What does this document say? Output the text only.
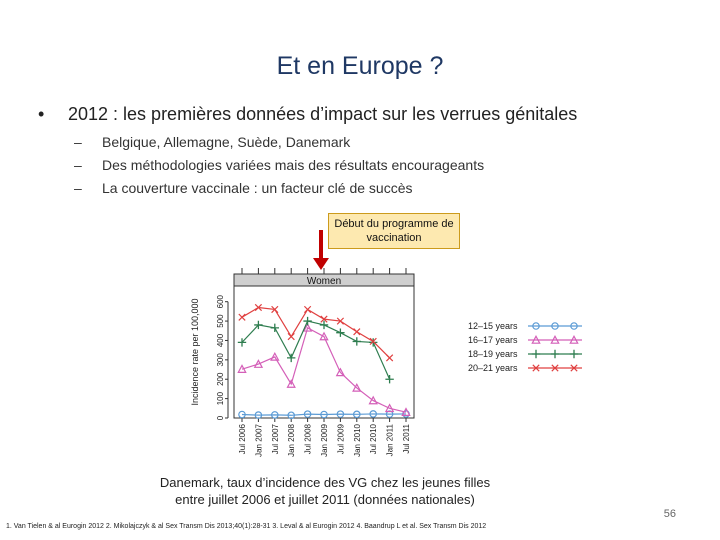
Et en Europe ?
• 2012 : les premières données d’impact sur les verrues génitales
– Belgique, Allemagne, Suède, Danemark
– Des méthodologies variées mais des résultats encourageants
– La couverture vaccinale : un facteur clé de succès
Début du programme de vaccination
Women
Jul 2006 Jan 2007 Jul 2007 Jan 2008 Jul 2008 Jan 2009 Jul 2009 Jan 2010 Jul 2010 Jan 2011 Jul 2011
0
100
200
300
400
500
600
Incidence rate per 100,000	12–15 years
16–17 years
18–19 years
20–21 years
Danemark, taux d’incidence des VG chez les jeunes filles
entre juillet 2006 et juillet 2011 (données nationales)
1. Van Tielen & al Eurogin 2012 2. Mikolajczyk & al Sex Transm Dis 2013;40(1):28-31 3. Leval & al Eurogin 2012 4. Baandrup L et al. Sex Transm Dis 2012
56
